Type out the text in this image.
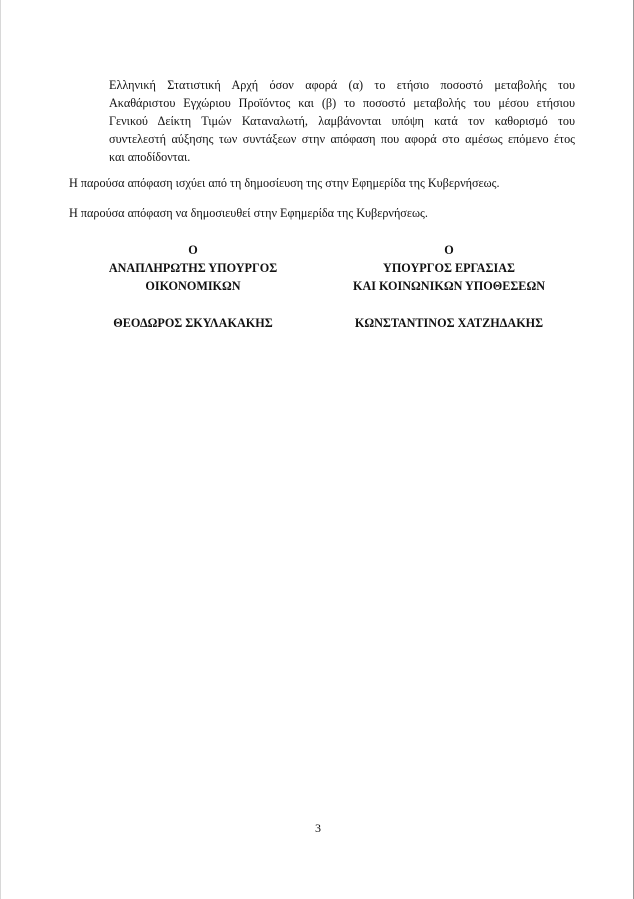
Ελληνική Στατιστική Αρχή όσον αφορά (α) το ετήσιο ποσοστό μεταβολής του
Ακαθάριστου Εγχώριου Προϊόντος και (β) το ποσοστό μεταβολής του μέσου ετήσιου
Γενικού Δείκτη Τιμών Καταναλωτή, λαμβάνονται υπόψη κατά τον καθορισμό του
συντελεστή αύξησης των συντάξεων στην απόφαση που αφορά στο αμέσως επόμενο έτος
και αποδίδονται.
Η παρούσα απόφαση ισχύει από τη δημοσίευση της στην Εφημερίδα της Κυβερνήσεως.
Η παρούσα απόφαση να δημοσιευθεί στην Εφημερίδα της Κυβερνήσεως.
Ο
ΑΝΑΠΛΗΡΩΤΗΣ ΥΠΟΥΡΓΟΣ
ΟΙΚΟΝΟΜΙΚΩΝ
ΘΕΟΔΩΡΟΣ ΣΚΥΛΑΚΑΚΗΣ
Ο
ΥΠΟΥΡΓΟΣ ΕΡΓΑΣΙΑΣ
ΚΑΙ ΚΟΙΝΩΝΙΚΩΝ ΥΠΟΘΕΣΕΩΝ
ΚΩΝΣΤΑΝΤΙΝΟΣ ΧΑΤΖΗΔΑΚΗΣ
3
